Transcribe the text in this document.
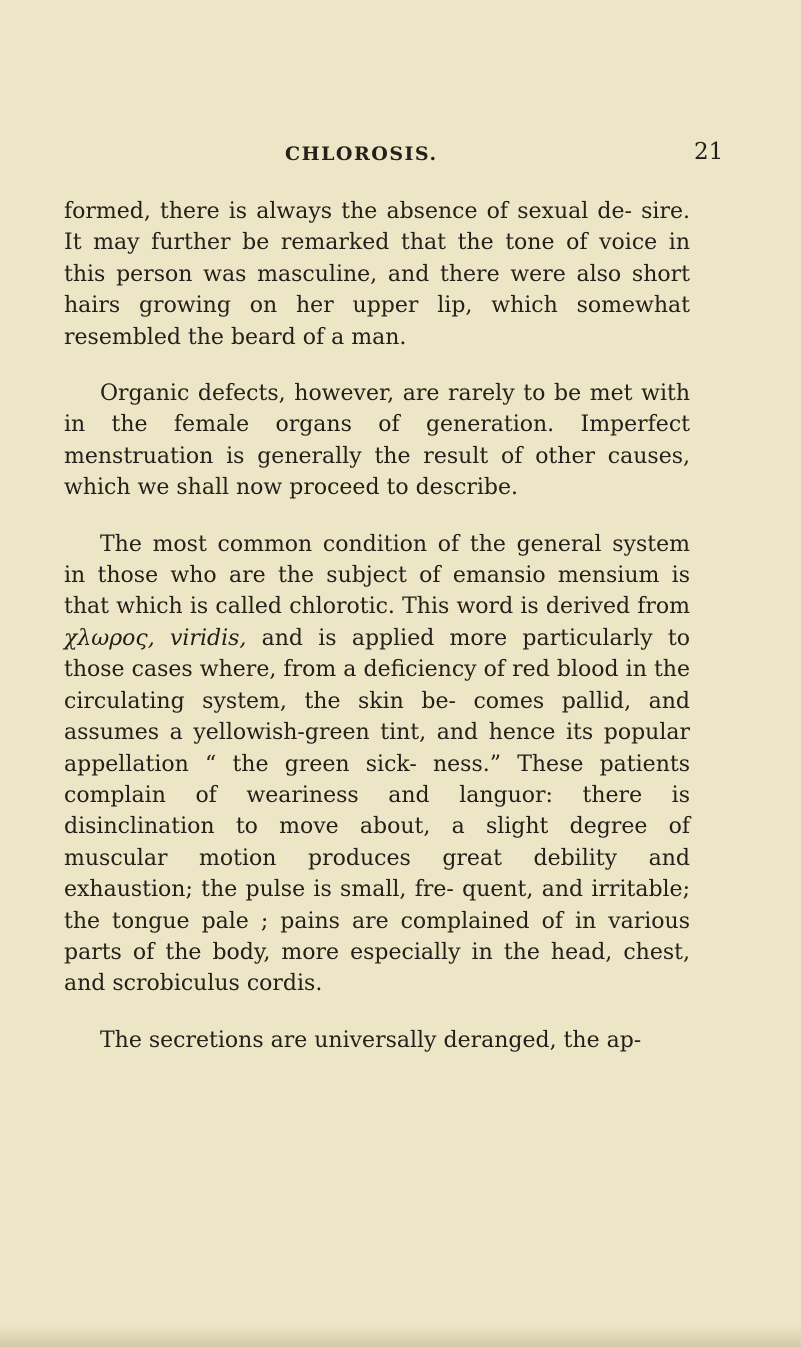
CHLOROSIS.	21

formed, there is always the absence of sexual de- sire. It may further be remarked that the tone of voice in this person was masculine, and there were also short hairs growing on her upper lip, which somewhat resembled the beard of a man.

Organic defects, however, are rarely to be met with in the female organs of generation. Imperfect menstruation is generally the result of other causes, which we shall now proceed to describe.

The most common condition of the general system in those who are the subject of emansio mensium is that which is called chlorotic. This word is derived from χλωρος, viridis, and is applied more particularly to those cases where, from a deficiency of red blood in the circulating system, the skin be- comes pallid, and assumes a yellowish-green tint, and hence its popular appellation “ the green sick- ness.” These patients complain of weariness and languor: there is disinclination to move about, a slight degree of muscular motion produces great debility and exhaustion; the pulse is small, fre- quent, and irritable; the tongue pale ; pains are complained of in various parts of the body, more especially in the head, chest, and scrobiculus cordis.

The secretions are universally deranged, the ap-
